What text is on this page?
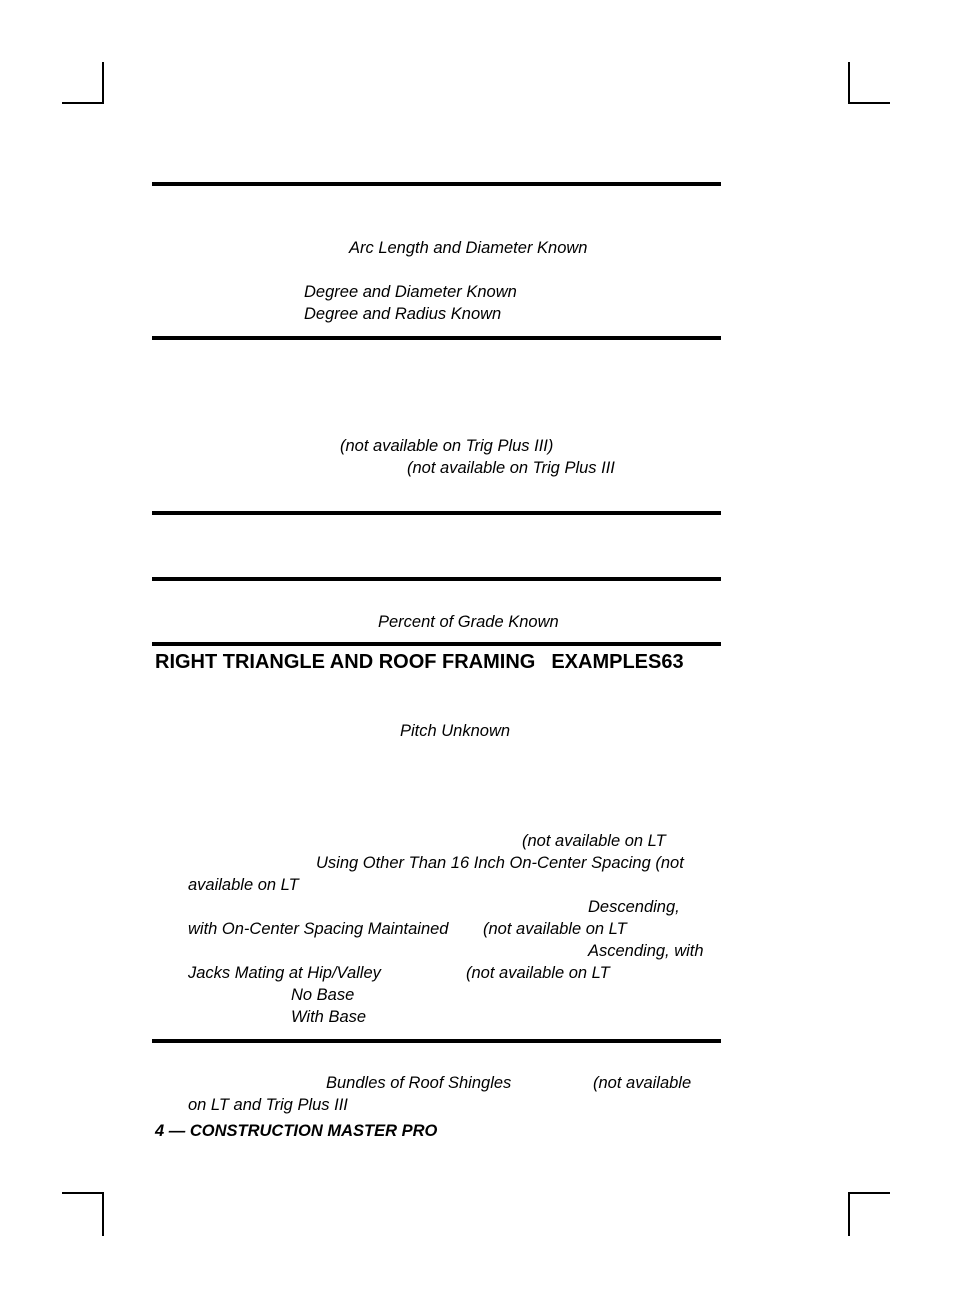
Arc Length and Diameter Known
Degree and Diameter Known
Degree and Radius Known
(not available on Trig Plus III)
(not available on Trig Plus III
Percent of Grade Known
RIGHT TRIANGLE AND ROOF FRAMING EXAMPLES63
Pitch Unknown
(not available on LT
Using Other Than 16 Inch On-Center Spacing (not
available on LT
Descending,
with On-Center Spacing Maintained (not available on LT
Ascending, with
Jacks Mating at Hip/Valley	(not available on LT
No Base
With Base
Bundles of Roof Shingles	(not available
on LT and Trig Plus III
4 — CONSTRUCTION MASTER PRO
